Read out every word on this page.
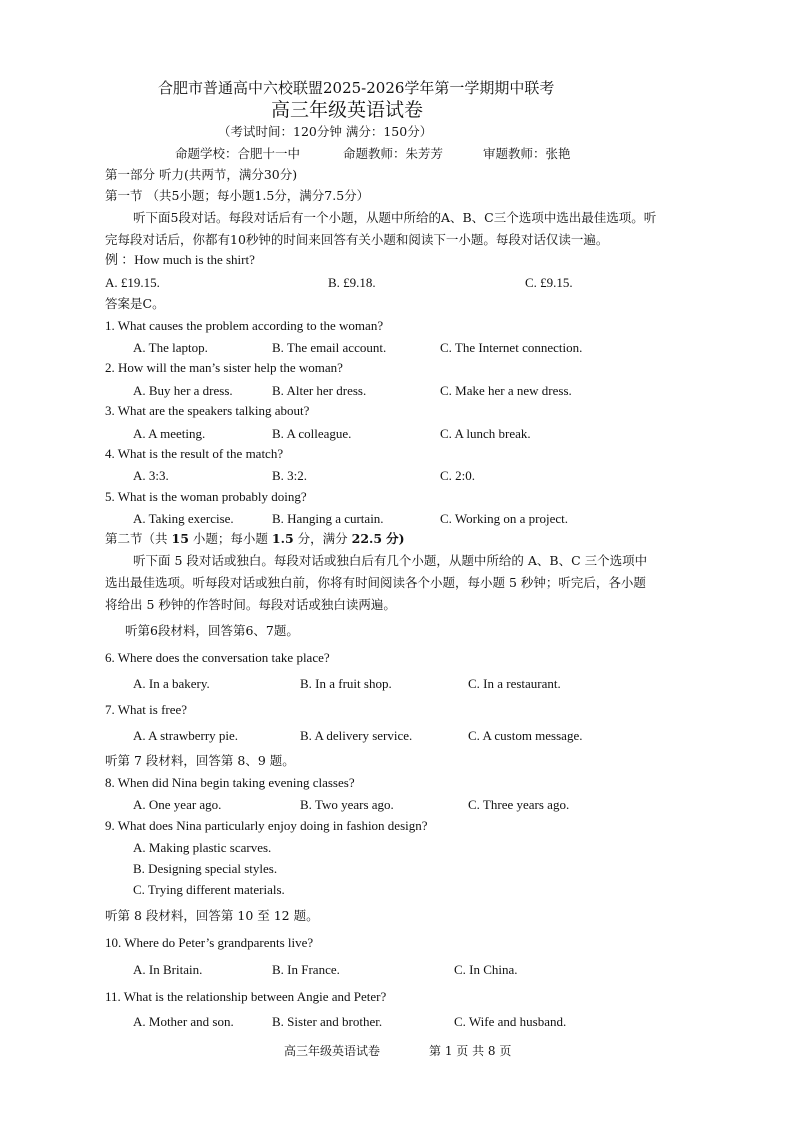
合肥市普通高中六校联盟2025-2026学年第一学期期中联考
高三年级英语试卷
（考试时间：120分钟 满分：150分）
命题学校：合肥十一中	命题教师：朱芳芳	审题教师：张艳
第一部分 听力(共两节，满分30分)
第一节 （共5小题；每小题1.5分，满分7.5分）
听下面5段对话。每段对话后有一个小题，从题中所给的A、B、C三个选项中选出最佳选项。听
完每段对话后，你都有10秒钟的时间来回答有关小题和阅读下一小题。每段对话仅读一遍。
例 ：How much is the shirt?
A. £19.15.	B. £9.18.	C. £9.15.
答案是C。
1. What causes the problem according to the woman?
A. The laptop.	B. The email account.	C. The Internet connection.
2. How will the man’s sister help the woman?
A. Buy her a dress.	B. Alter her dress.	C. Make her a new dress.
3. What are the speakers talking about?
A. A meeting.	B. A colleague.	C. A lunch break.
4. What is the result of the match?
A. 3:3.	B. 3:2.	C. 2:0.
5. What is the woman probably doing?
A. Taking exercise.	B. Hanging a curtain.	C. Working on a project.
第二节（共 15 小题；每小题 1.5 分，满分 22.5 分)
听下面 5 段对话或独白。每段对话或独白后有几个小题，从题中所给的 A、B、C 三个选项中
选出最佳选项。听每段对话或独白前，你将有时间阅读各个小题，每小题 5 秒钟；听完后，各小题
将给出 5 秒钟的作答时间。每段对话或独白读两遍。
听第6段材料，回答第6、7题。
6. Where does the conversation take place?
A. In a bakery.	B. In a fruit shop.	C. In a restaurant.
7. What is free?
A. A strawberry pie.	B. A delivery service.	C. A custom message.
听第 7 段材料，回答第 8、9 题。
8. When did Nina begin taking evening classes?
A. One year ago.	B. Two years ago.	C. Three years ago.
9. What does Nina particularly enjoy doing in fashion design?
A. Making plastic scarves.
B. Designing special styles.
C. Trying different materials.
听第 8 段材料，回答第 10 至 12 题。
10. Where do Peter’s grandparents live?
A. In Britain.	B. In France.	C. In China.
11. What is the relationship between Angie and Peter?
A. Mother and son.	B. Sister and brother.	C. Wife and husband.
高三年级英语试卷	第 1 页 共 8 页
